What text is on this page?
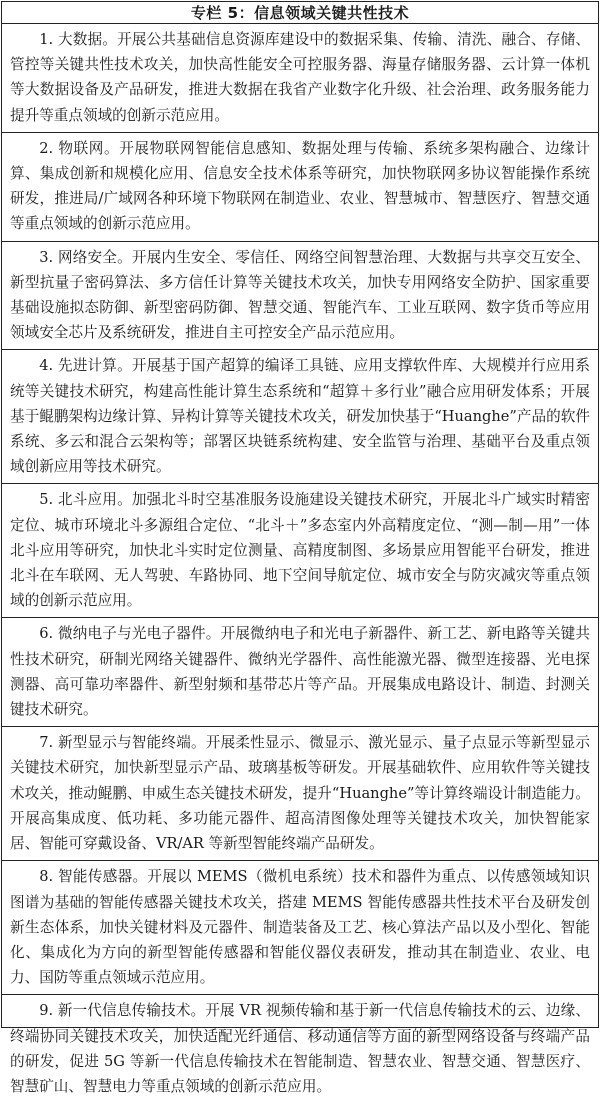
专栏 5：信息领域关键共性技术
1. 大数据。开展公共基础信息资源库建设中的数据采集、传输、清洗、融合、存储、管控等关键共性技术攻关，加快高性能安全可控服务器、海量存储服务器、云计算一体机等大数据设备及产品研发，推进大数据在我省产业数字化升级、社会治理、政务服务能力提升等重点领域的创新示范应用。
2. 物联网。开展物联网智能信息感知、数据处理与传输、系统多架构融合、边缘计算、集成创新和规模化应用、信息安全技术体系等研究，加快物联网多协议智能操作系统研发，推进局/广域网各种环境下物联网在制造业、农业、智慧城市、智慧医疗、智慧交通等重点领域的创新示范应用。
3. 网络安全。开展内生安全、零信任、网络空间智慧治理、大数据与共享交互安全、新型抗量子密码算法、多方信任计算等关键技术攻关，加快专用网络安全防护、国家重要基础设施拟态防御、新型密码防御、智慧交通、智能汽车、工业互联网、数字货币等应用领域安全芯片及系统研发，推进自主可控安全产品示范应用。
4. 先进计算。开展基于国产超算的编译工具链、应用支撑软件库、大规模并行应用系统等关键技术研究，构建高性能计算生态系统和“超算＋多行业”融合应用研发体系；开展基于鲲鹏架构边缘计算、异构计算等关键技术攻关，研发加快基于“Huanghe”产品的软件系统、多云和混合云架构等；部署区块链系统构建、安全监管与治理、基础平台及重点领域创新应用等技术研究。
5. 北斗应用。加强北斗时空基准服务设施建设关键技术研究，开展北斗广域实时精密定位、城市环境北斗多源组合定位、“北斗＋”多态室内外高精度定位、“测—制—用”一体北斗应用等研究，加快北斗实时定位测量、高精度制图、多场景应用智能平台研发，推进北斗在车联网、无人驾驶、车路协同、地下空间导航定位、城市安全与防灾减灾等重点领域的创新示范应用。
6. 微纳电子与光电子器件。开展微纳电子和光电子新器件、新工艺、新电路等关键共性技术研究，研制光网络关键器件、微纳光学器件、高性能激光器、微型连接器、光电探测器、高可靠功率器件、新型射频和基带芯片等产品。开展集成电路设计、制造、封测关键技术研究。
7. 新型显示与智能终端。开展柔性显示、微显示、激光显示、量子点显示等新型显示关键技术研究，加快新型显示产品、玻璃基板等研发。开展基础软件、应用软件等关键技术攻关，推动鲲鹏、申威生态关键技术研发，提升“Huanghe”等计算终端设计制造能力。开展高集成度、低功耗、多功能元器件、超高清图像处理等关键技术攻关，加快智能家居、智能可穿戴设备、VR/AR 等新型智能终端产品研发。
8. 智能传感器。开展以 MEMS（微机电系统）技术和器件为重点、以传感领域知识图谱为基础的智能传感器关键技术攻关，搭建 MEMS 智能传感器共性技术平台及研发创新生态体系，加快关键材料及元器件、制造装备及工艺、核心算法产品以及小型化、智能化、集成化为方向的新型智能传感器和智能仪器仪表研发，推动其在制造业、农业、电力、国防等重点领域示范应用。
9. 新一代信息传输技术。开展 VR 视频传输和基于新一代信息传输技术的云、边缘、终端协同关键技术攻关，加快适配光纤通信、移动通信等方面的新型网络设备与终端产品的研发，促进 5G 等新一代信息传输技术在智能制造、智慧农业、智慧交通、智慧医疗、智慧矿山、智慧电力等重点领域的创新示范应用。
